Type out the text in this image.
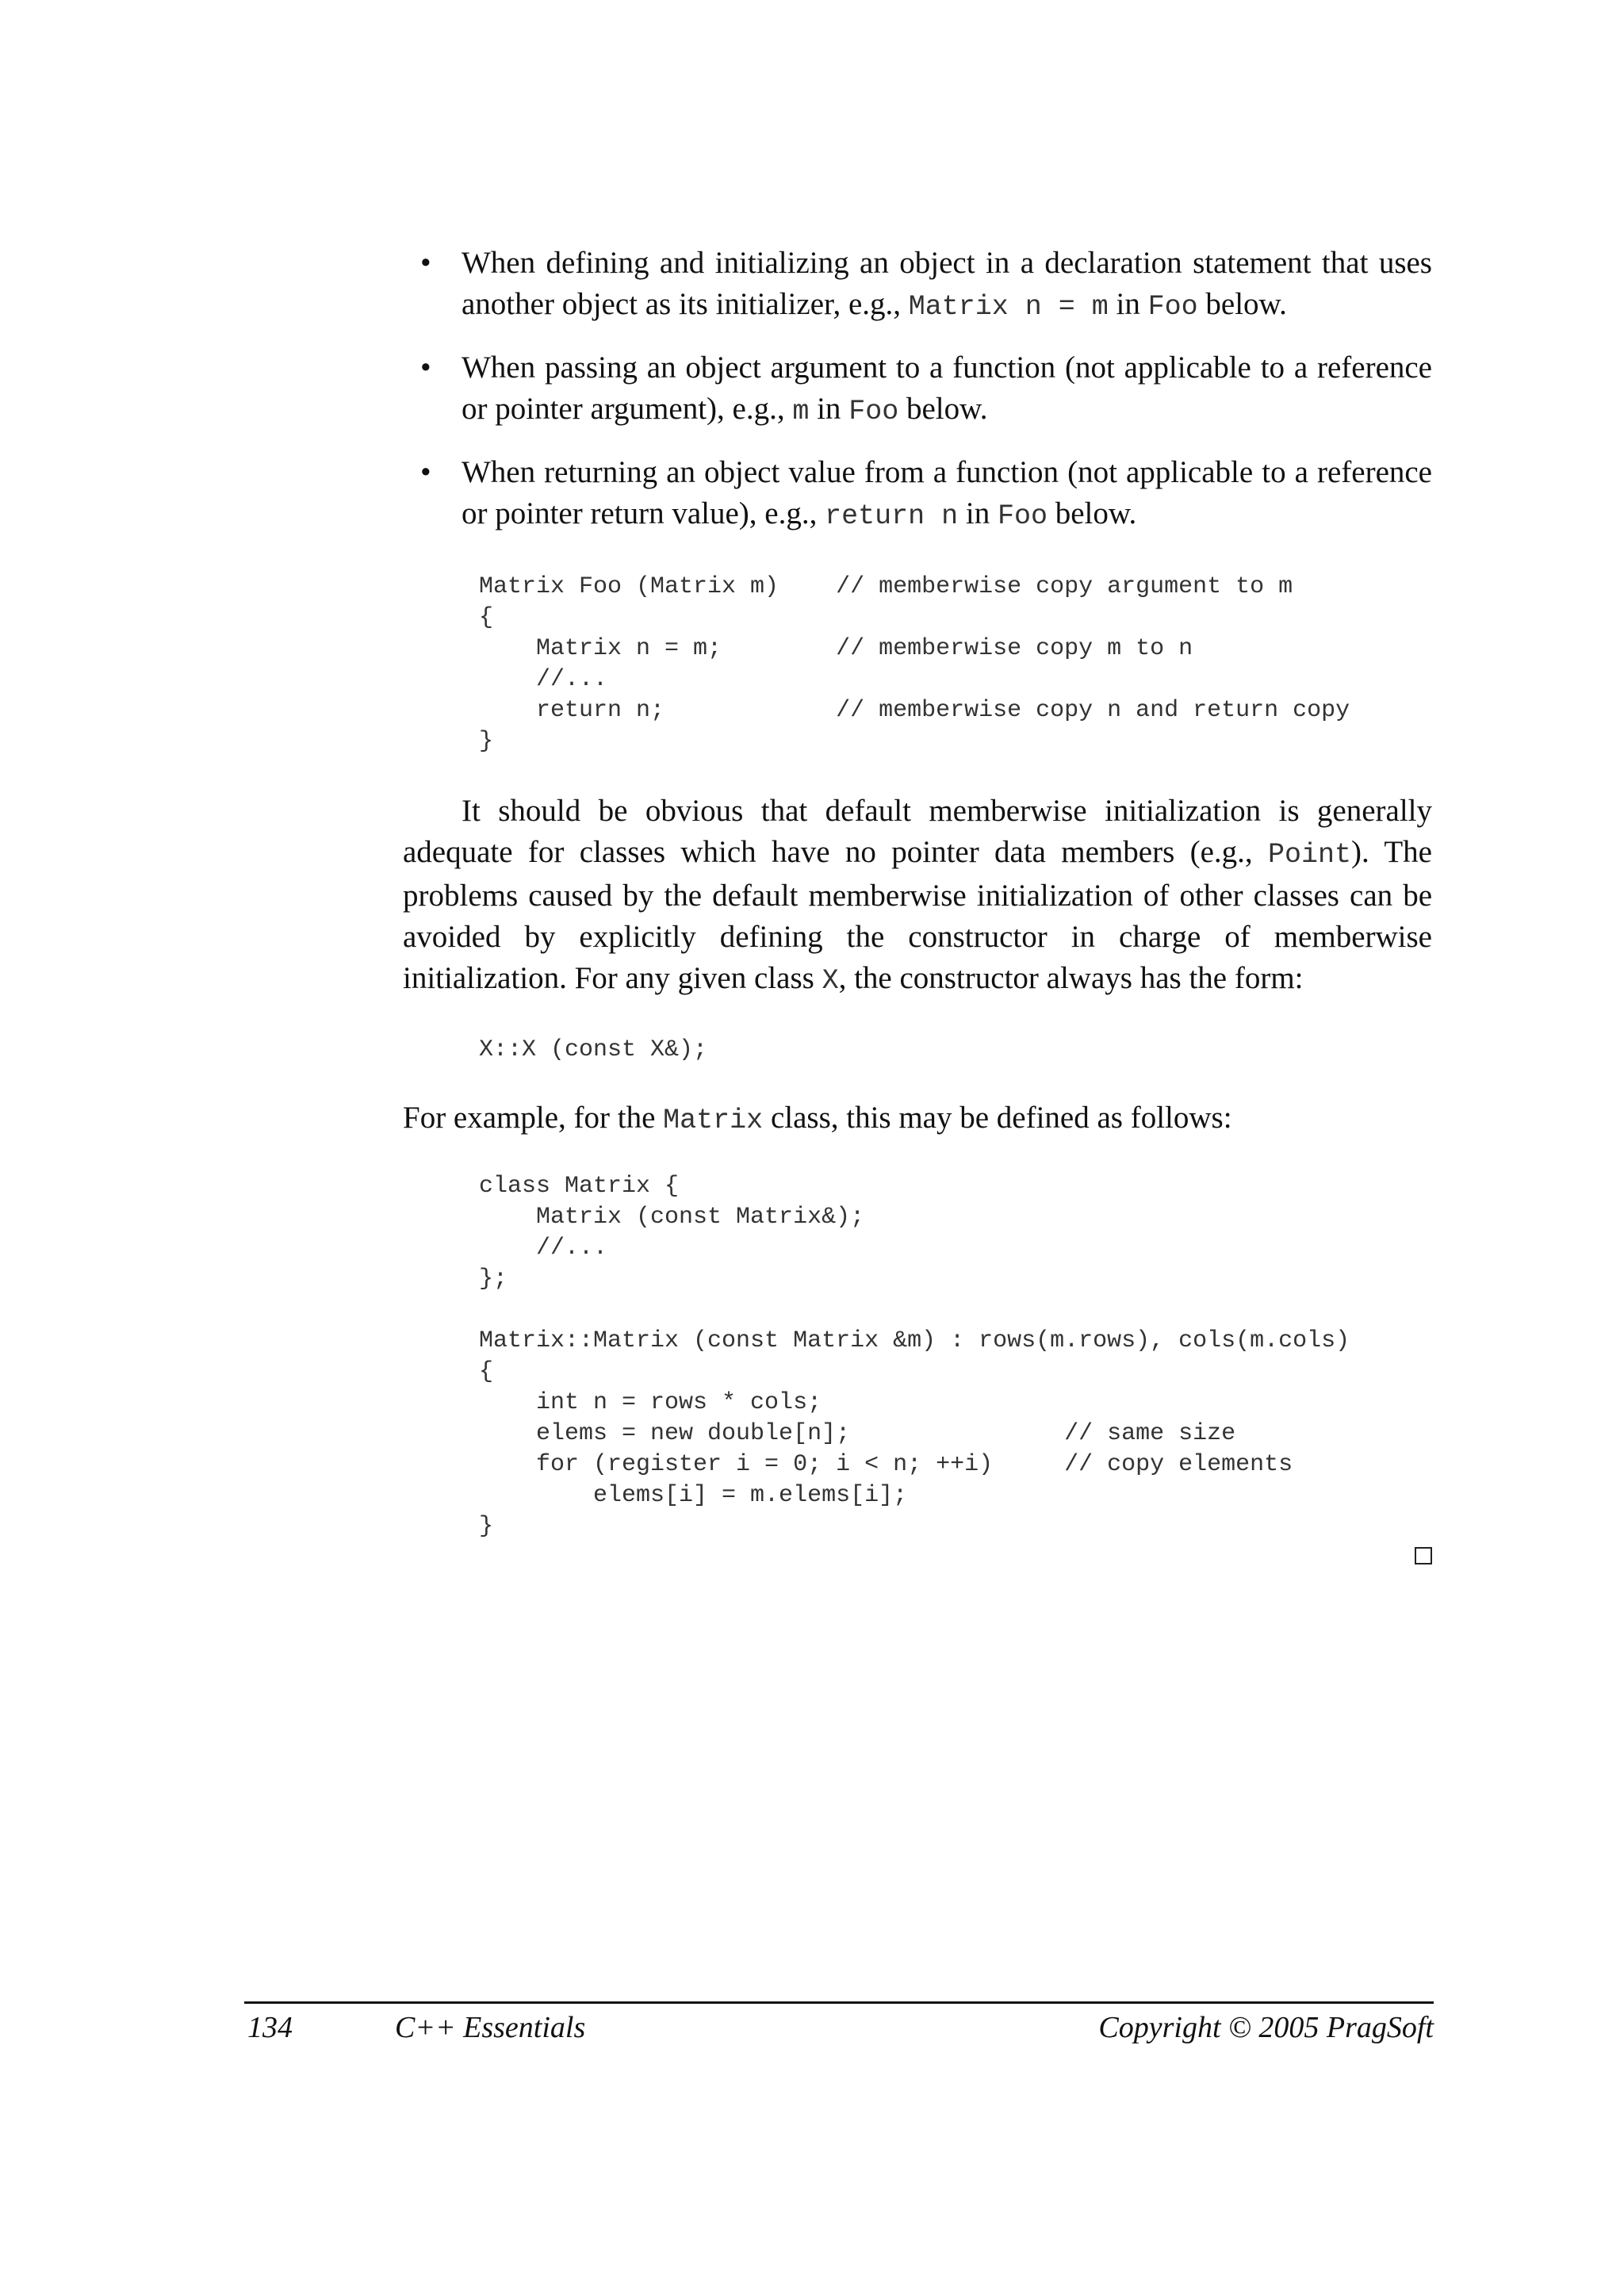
• When defining and initializing an object in a declaration statement that uses another object as its initializer, e.g., Matrix n = m in Foo below.
• When passing an object argument to a function (not applicable to a reference or pointer argument), e.g., m in Foo below.
• When returning an object value from a function (not applicable to a reference or pointer return value), e.g., return n in Foo below.
Matrix Foo (Matrix m)    // memberwise copy argument to m
{
Matrix n = m;        // memberwise copy m to n
//...
return n;            // memberwise copy n and return copy
}

It should be obvious that default memberwise initialization is generally adequate for classes which have no pointer data members (e.g., Point). The problems caused by the default memberwise initialization of other classes can be avoided by explicitly defining the constructor in charge of memberwise initialization. For any given class X, the constructor always has the form:

X::X (const X&);

For example, for the Matrix class, this may be defined as follows:

class Matrix {
Matrix (const Matrix&);
//...
};

Matrix::Matrix (const Matrix &m) : rows(m.rows), cols(m.cols)
{
int n = rows * cols;
elems = new double[n];               // same size
for (register i = 0; i < n; ++i)     // copy elements
elems[i] = m.elems[i];
}
134	C++ Essentials	Copyright © 2005 PragSoft
